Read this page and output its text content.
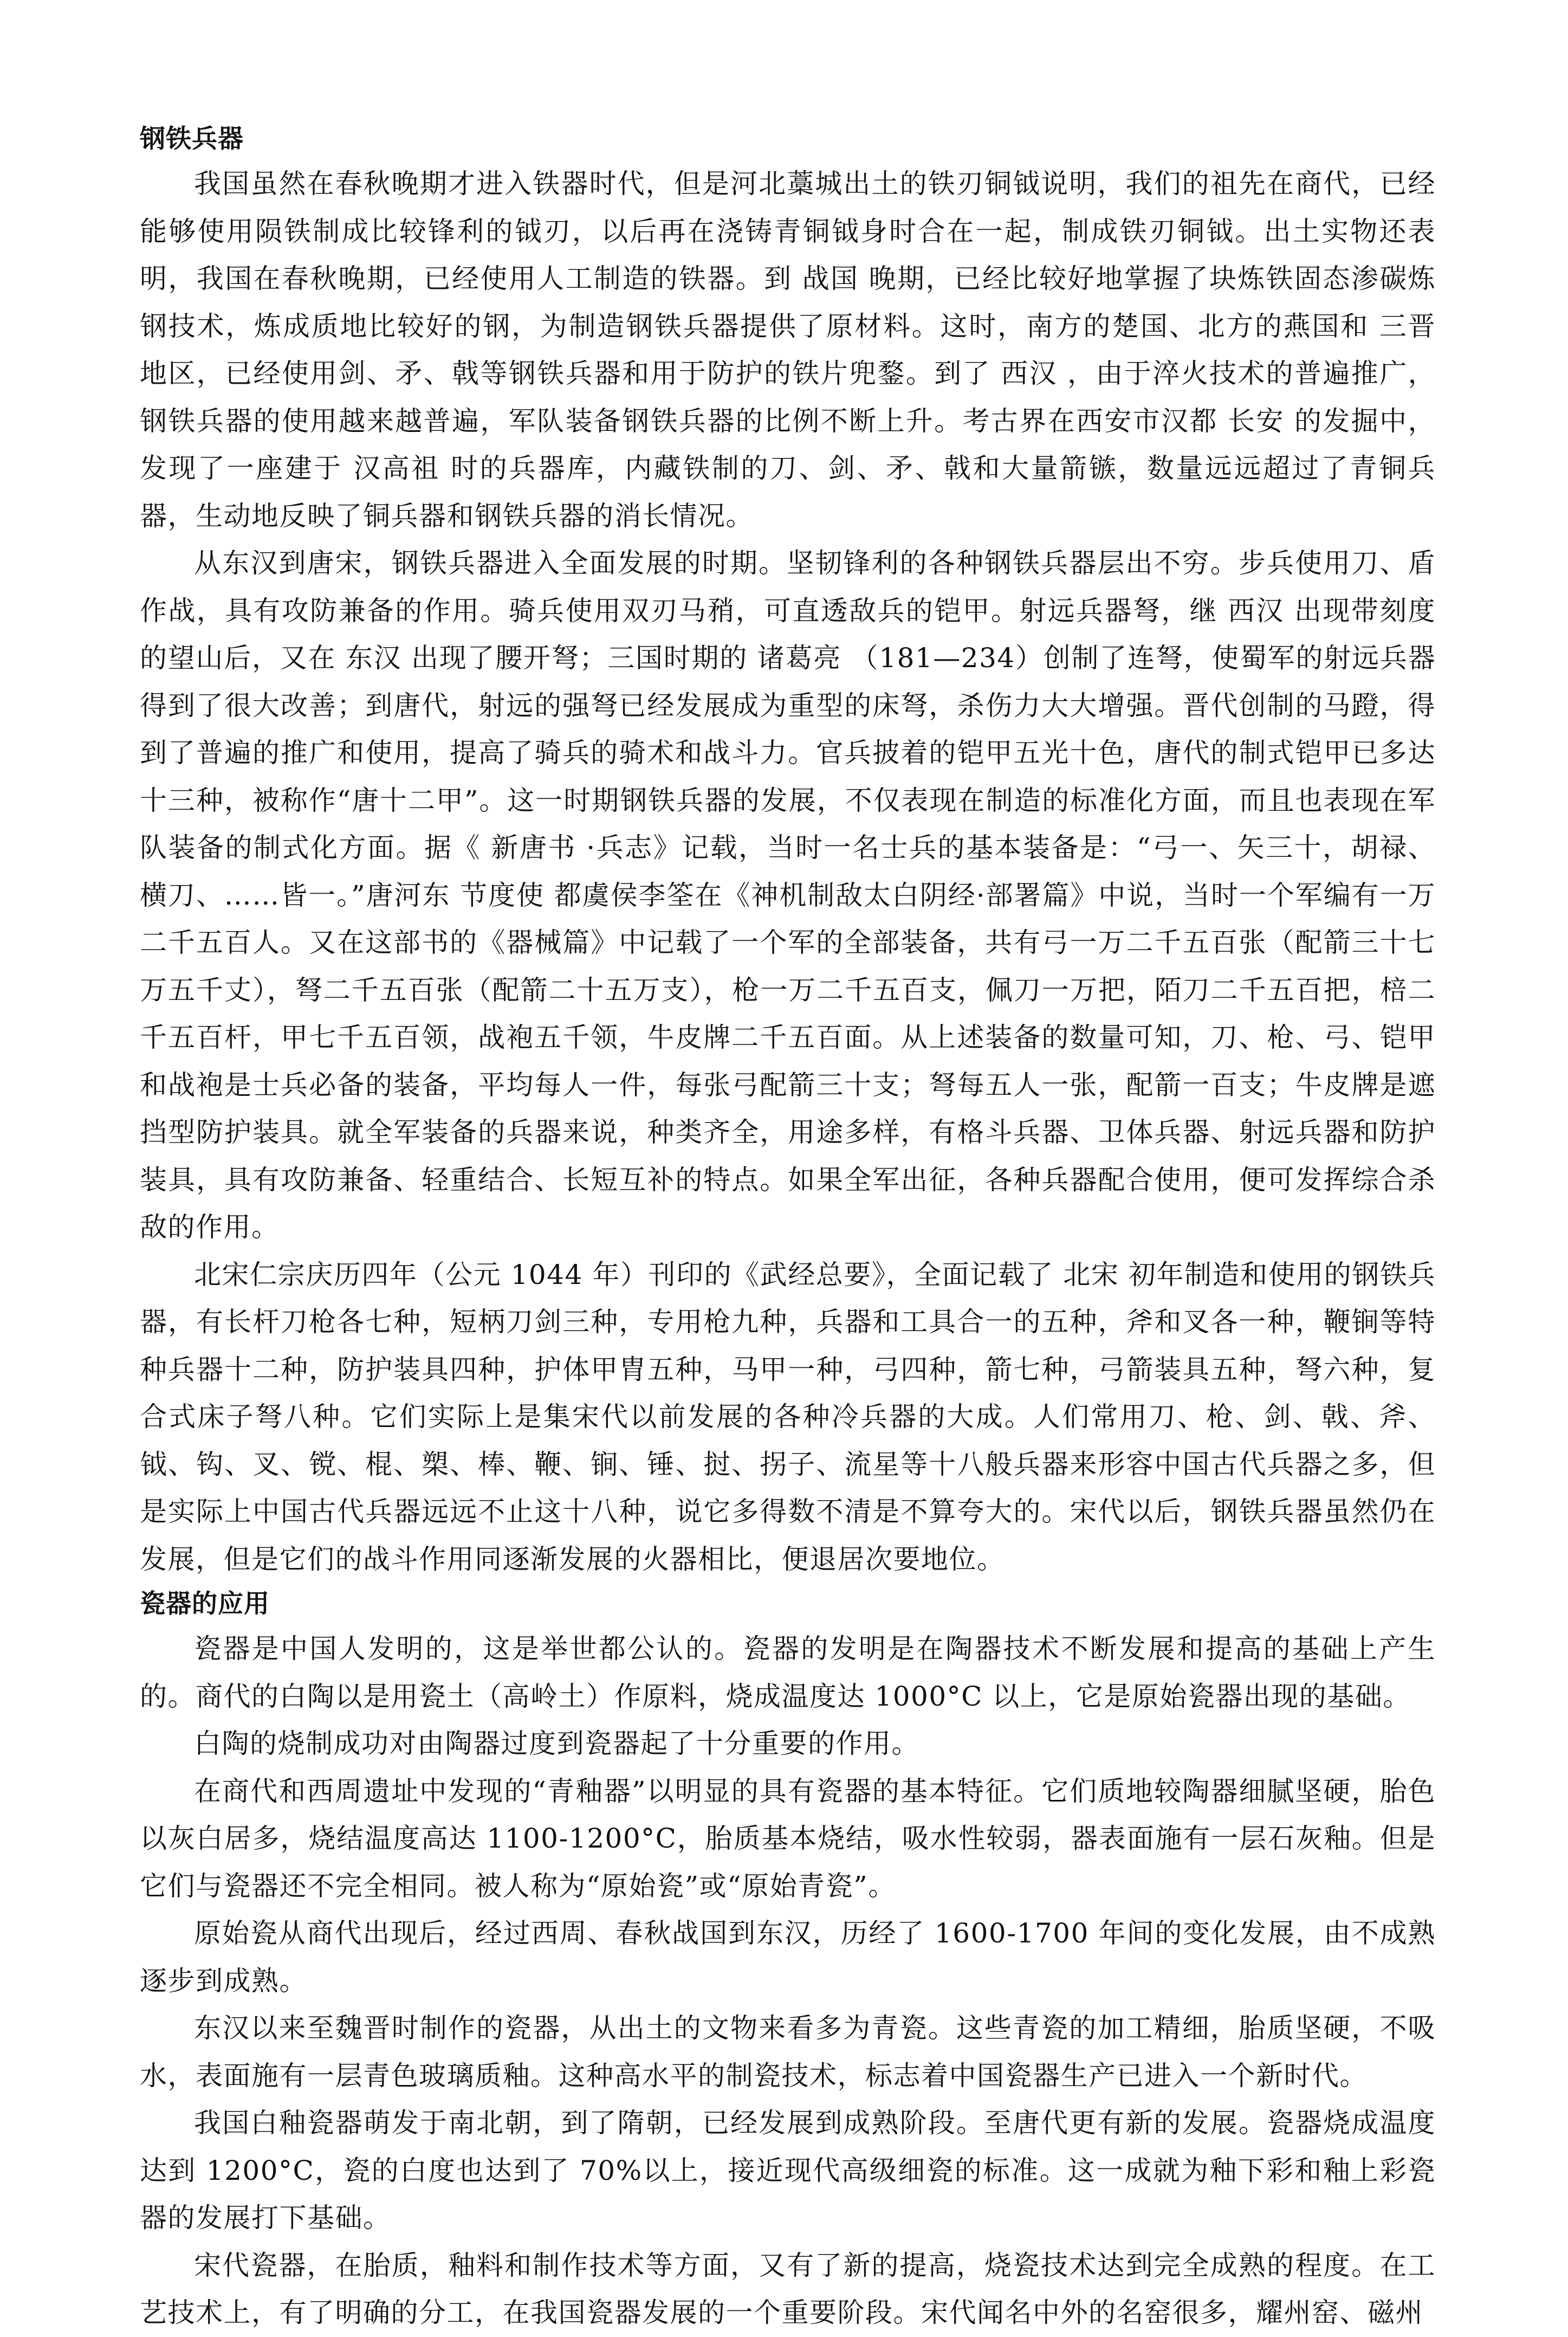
钢铁兵器

我国虽然在春秋晚期才进入铁器时代，但是河北藁城出土的铁刃铜钺说明，我们的祖先在商代，已经能够使用陨铁制成比较锋利的钺刃，以后再在浇铸青铜钺身时合在一起，制成铁刃铜钺。出土实物还表明，我国在春秋晚期，已经使用人工制造的铁器。到 战国 晚期，已经比较好地掌握了块炼铁固态渗碳炼钢技术，炼成质地比较好的钢，为制造钢铁兵器提供了原材料。这时，南方的楚国、北方的燕国和 三晋 地区，已经使用剑、矛、戟等钢铁兵器和用于防护的铁片兜鍪。到了 西汉 ，由于淬火技术的普遍推广，钢铁兵器的使用越来越普遍，军队装备钢铁兵器的比例不断上升。考古界在西安市汉都 长安 的发掘中，发现了一座建于 汉高祖 时的兵器库，内藏铁制的刀、剑、矛、戟和大量箭镞，数量远远超过了青铜兵器，生动地反映了铜兵器和钢铁兵器的消长情况。

从东汉到唐宋，钢铁兵器进入全面发展的时期。坚韧锋利的各种钢铁兵器层出不穷。步兵使用刀、盾作战，具有攻防兼备的作用。骑兵使用双刃马矟，可直透敌兵的铠甲。射远兵器弩，继 西汉 出现带刻度的望山后，又在 东汉 出现了腰开弩；三国时期的 诸葛亮 （181—234）创制了连弩，使蜀军的射远兵器得到了很大改善；到唐代，射远的强弩已经发展成为重型的床弩，杀伤力大大增强。晋代创制的马蹬，得到了普遍的推广和使用，提高了骑兵的骑术和战斗力。官兵披着的铠甲五光十色，唐代的制式铠甲已多达十三种，被称作“唐十二甲”。这一时期钢铁兵器的发展，不仅表现在制造的标准化方面，而且也表现在军队装备的制式化方面。据《 新唐书 ·兵志》记载，当时一名士兵的基本装备是：“弓一、矢三十，胡禄、横刀、……皆一。”唐河东 节度使 都虞侯李筌在《神机制敌太白阴经·部署篇》中说，当时一个军编有一万二千五百人。又在这部书的《器械篇》中记载了一个军的全部装备，共有弓一万二千五百张（配箭三十七万五千丈），弩二千五百张（配箭二十五万支），枪一万二千五百支，佩刀一万把，陌刀二千五百把，棓二千五百杆，甲七千五百领，战袍五千领，牛皮牌二千五百面。从上述装备的数量可知，刀、枪、弓、铠甲和战袍是士兵必备的装备，平均每人一件，每张弓配箭三十支；弩每五人一张，配箭一百支；牛皮牌是遮挡型防护装具。就全军装备的兵器来说，种类齐全，用途多样，有格斗兵器、卫体兵器、射远兵器和防护装具，具有攻防兼备、轻重结合、长短互补的特点。如果全军出征，各种兵器配合使用，便可发挥综合杀敌的作用。

北宋仁宗庆历四年（公元 1044 年）刊印的《武经总要》，全面记载了 北宋 初年制造和使用的钢铁兵器，有长杆刀枪各七种，短柄刀剑三种，专用枪九种，兵器和工具合一的五种，斧和叉各一种，鞭锏等特种兵器十二种，防护装具四种，护体甲胄五种，马甲一种，弓四种，箭七种，弓箭装具五种，弩六种，复合式床子弩八种。它们实际上是集宋代以前发展的各种冷兵器的大成。人们常用刀、枪、剑、戟、斧、钺、钩、叉、镋、棍、槊、棒、鞭、锏、锤、挝、拐子、流星等十八般兵器来形容中国古代兵器之多，但是实际上中国古代兵器远远不止这十八种，说它多得数不清是不算夸大的。宋代以后，钢铁兵器虽然仍在发展，但是它们的战斗作用同逐渐发展的火器相比，便退居次要地位。

瓷器的应用

瓷器是中国人发明的，这是举世都公认的。瓷器的发明是在陶器技术不断发展和提高的基础上产生的。商代的白陶以是用瓷土（高岭土）作原料，烧成温度达 1000°C 以上，它是原始瓷器出现的基础。

白陶的烧制成功对由陶器过度到瓷器起了十分重要的作用。

在商代和西周遗址中发现的“青釉器”以明显的具有瓷器的基本特征。它们质地较陶器细腻坚硬，胎色以灰白居多，烧结温度高达 1100-1200°C，胎质基本烧结，吸水性较弱，器表面施有一层石灰釉。但是它们与瓷器还不完全相同。被人称为“原始瓷”或“原始青瓷”。

原始瓷从商代出现后，经过西周、春秋战国到东汉，历经了 1600-1700 年间的变化发展，由不成熟逐步到成熟。

东汉以来至魏晋时制作的瓷器，从出土的文物来看多为青瓷。这些青瓷的加工精细，胎质坚硬，不吸水，表面施有一层青色玻璃质釉。这种高水平的制瓷技术，标志着中国瓷器生产已进入一个新时代。

我国白釉瓷器萌发于南北朝，到了隋朝，已经发展到成熟阶段。至唐代更有新的发展。瓷器烧成温度达到 1200°C，瓷的白度也达到了 70%以上，接近现代高级细瓷的标准。这一成就为釉下彩和釉上彩瓷器的发展打下基础。

宋代瓷器，在胎质，釉料和制作技术等方面，又有了新的提高，烧瓷技术达到完全成熟的程度。在工艺技术上，有了明确的分工，在我国瓷器发展的一个重要阶段。宋代闻名中外的名窑很多，耀州窑、磁州
